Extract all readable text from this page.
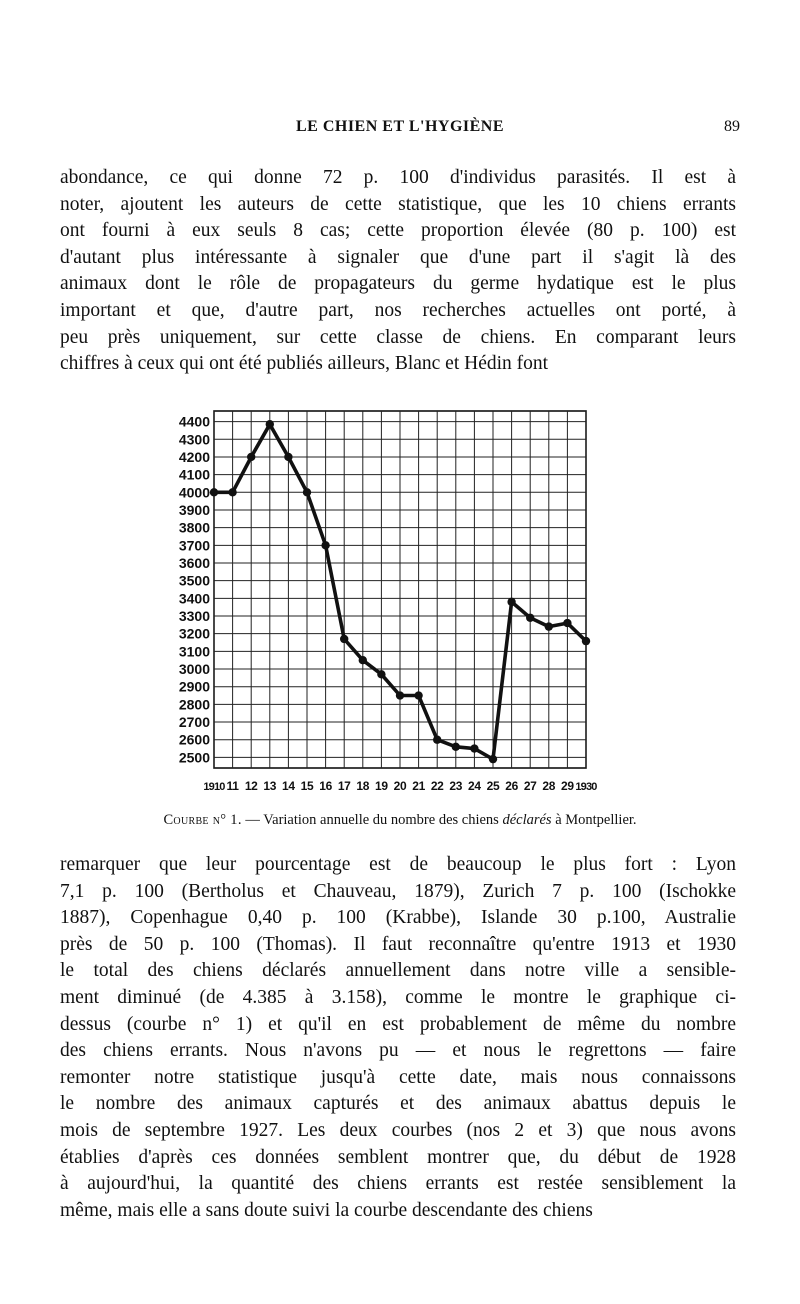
LE CHIEN ET L'HYGIÈNE	89
abondance, ce qui donne 72 p. 100 d'individus parasités. Il est à
noter, ajoutent les auteurs de cette statistique, que les 10 chiens errants
ont fourni à eux seuls 8 cas; cette proportion élevée (80 p. 100) est
d'autant plus intéressante à signaler que d'une part il s'agit là des
animaux dont le rôle de propagateurs du germe hydatique est le plus
important et que, d'autre part, nos recherches actuelles ont porté, à
peu près uniquement, sur cette classe de chiens. En comparant leurs
chiffres à ceux qui ont été publiés ailleurs, Blanc et Hédin font
4400
4300
4200
4100
4000
3900
3800
3700
3600
3500
3400
3300
3200
3100
3000
2900
2800
2700
2600
2500
1910 11 12 13 14 15 16 17 18 19 20 21 22 23 24 25 26 27 28 29 1930
Courbe n° 1. — Variation annuelle du nombre des chiens déclarés à Montpellier.
remarquer que leur pourcentage est de beaucoup le plus fort : Lyon
7,1 p. 100 (Bertholus et Chauveau, 1879), Zurich 7 p. 100 (Ischokke
1887), Copenhague 0,40 p. 100 (Krabbe), Islande 30 p.100, Australie
près de 50 p. 100 (Thomas). Il faut reconnaître qu'entre 1913 et 1930
le total des chiens déclarés annuellement dans notre ville a sensible-
ment diminué (de 4.385 à 3.158), comme le montre le graphique ci-
dessus (courbe n° 1) et qu'il en est probablement de même du nombre
des chiens errants. Nous n'avons pu — et nous le regrettons — faire
remonter notre statistique jusqu'à cette date, mais nous connaissons
le nombre des animaux capturés et des animaux abattus depuis le
mois de septembre 1927. Les deux courbes (nos 2 et 3) que nous avons
établies d'après ces données semblent montrer que, du début de 1928
à aujourd'hui, la quantité des chiens errants est restée sensiblement la
même, mais elle a sans doute suivi la courbe descendante des chiens
